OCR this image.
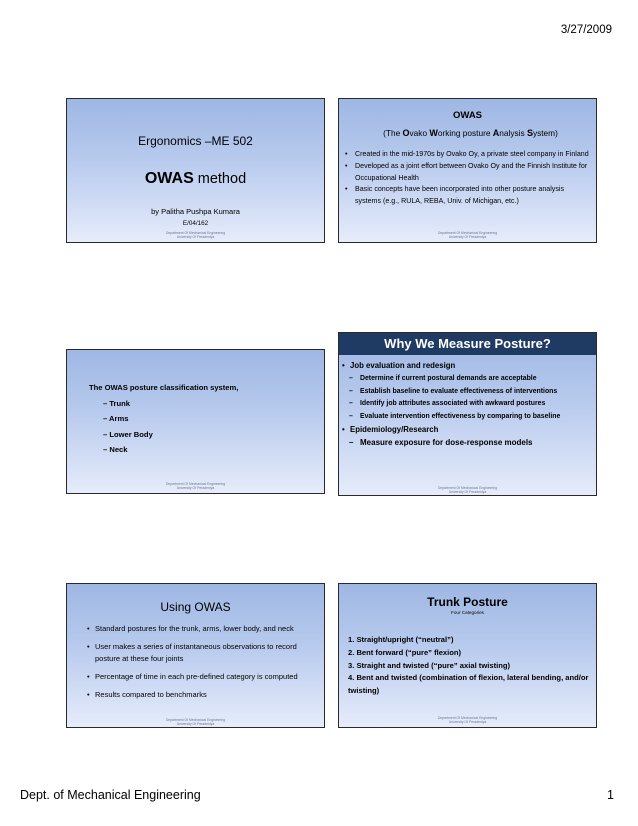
3/27/2009
Ergonomics –ME 502
OWAS method
by Palitha Pushpa Kumara
E/04/162
Department Of Mechanical Engineering
University Of Peradeniya
OWAS
(The Ovako Working posture Analysis System)
• Created in the mid-1970s by Ovako Oy, a private steel company in Finland
• Developed as a joint effort between Ovako Oy and the Finnish Institute for Occupational Health
• Basic concepts have been incorporated into other posture analysis systems (e.g., RULA, REBA, Univ. of Michigan, etc.)
Department Of Mechanical Engineering
University Of Peradeniya
The OWAS posture classification system,
– Trunk
– Arms
– Lower Body
– Neck
Department Of Mechanical Engineering
University Of Peradeniya
Why We Measure Posture?
• Job evaluation and redesign
– Determine if current postural demands are acceptable
– Establish baseline to evaluate effectiveness of interventions
– Identify job attributes associated with awkward postures
– Evaluate intervention effectiveness by comparing to baseline
• Epidemiology/Research
– Measure exposure for dose-response models
Department Of Mechanical Engineering
University Of Peradeniya
Using OWAS
• Standard postures for the trunk, arms, lower body, and neck
• User makes a series of instantaneous observations to record posture at these four joints
• Percentage of time in each pre-defined category is computed
• Results compared to benchmarks
Department Of Mechanical Engineering
University Of Peradeniya
Trunk Posture
Four Categories
1. Straight/upright (“neutral”)
2. Bent forward (“pure” flexion)
3. Straight and twisted (“pure” axial twisting)
4. Bent and twisted (combination of flexion, lateral bending, and/or twisting)
Department Of Mechanical Engineering
University Of Peradeniya
Dept. of Mechanical Engineering	1
